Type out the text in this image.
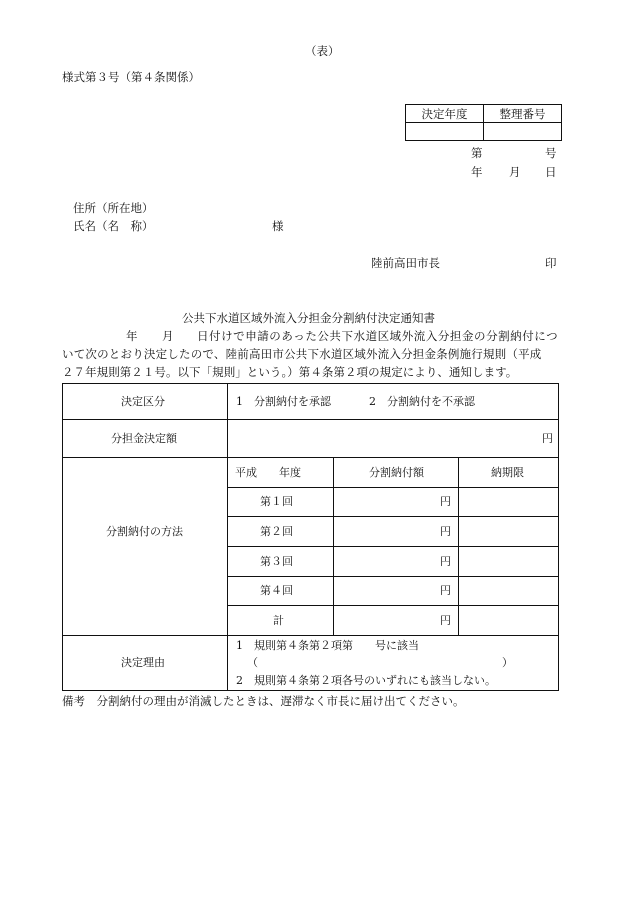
（表）
様式第３号（第４条関係）
決定年度	整理番号

第	号
年 月 日
住所（所在地）
氏名（名　称）	様
陸前高田市長	印
公共下水道区域外流入分担金分割納付決定通知書
年 月 日付けで申請のあった公共下水道区域外流入分担金の分割納付につ
いて次のとおり決定したので、陸前高田市公共下水道区域外流入分担金条例施行規則（平成
２７年規則第２１号。以下「規則」という。）第４条第２項の規定により、通知します。
決定区分	1　分割納付を承認	2　分割納付を不承認
分担金決定額	円
分割納付の方法
平成　　年度	分割納付額	納期限
第１回	円
第２回	円
第３回	円
第４回	円
計	円
決定理由
1　規則第４条第２項第　　号に該当
（	）
2　規則第４条第２項各号のいずれにも該当しない。
備考　分割納付の理由が消滅したときは、遅滞なく市長に届け出てください。
